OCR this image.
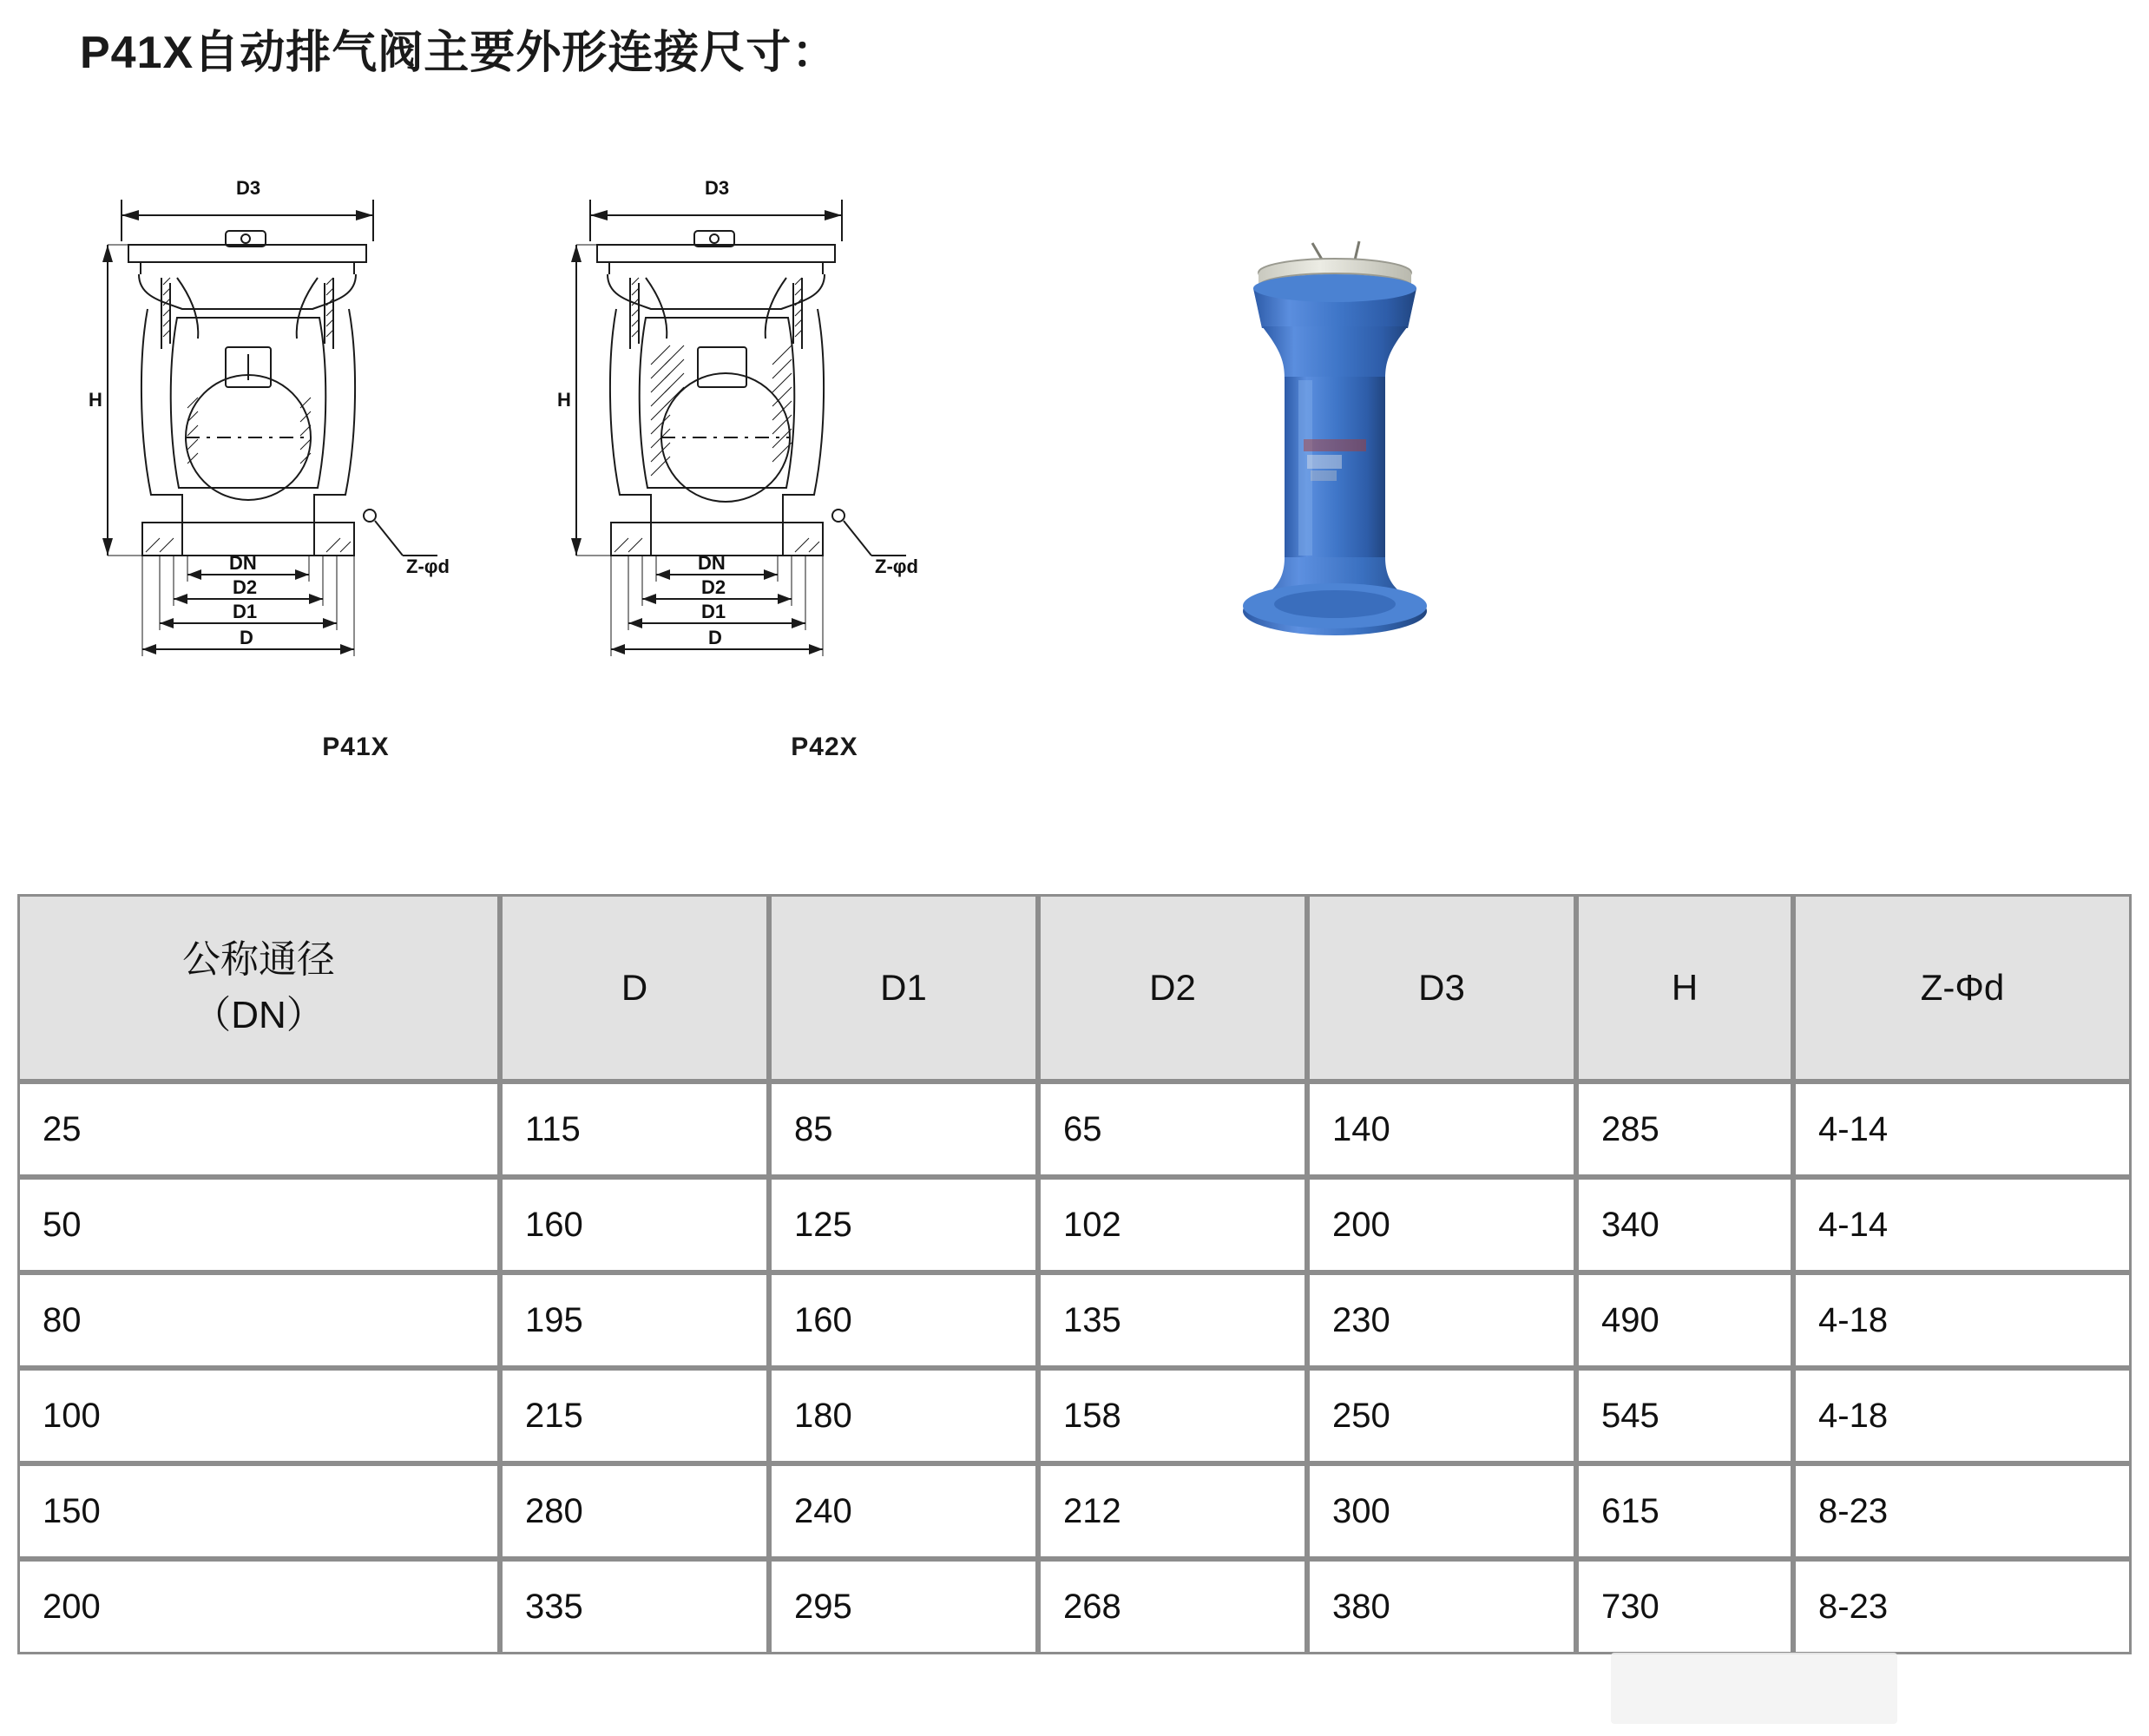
P41X自动排气阀主要外形连接尺寸：
D3
H
DN
D2
D1
D
Z-φd
P41X
D3
H
DN
D2
D1
D
Z-φd
P42X
公称通径
（DN）	D	D1	D2	D3	H	Z-Φd
25	115	85	65	140	285	4-14
50	160	125	102	200	340	4-14
80	195	160	135	230	490	4-18
100	215	180	158	250	545	4-18
150	280	240	212	300	615	8-23
200	335	295	268	380	730	8-23
